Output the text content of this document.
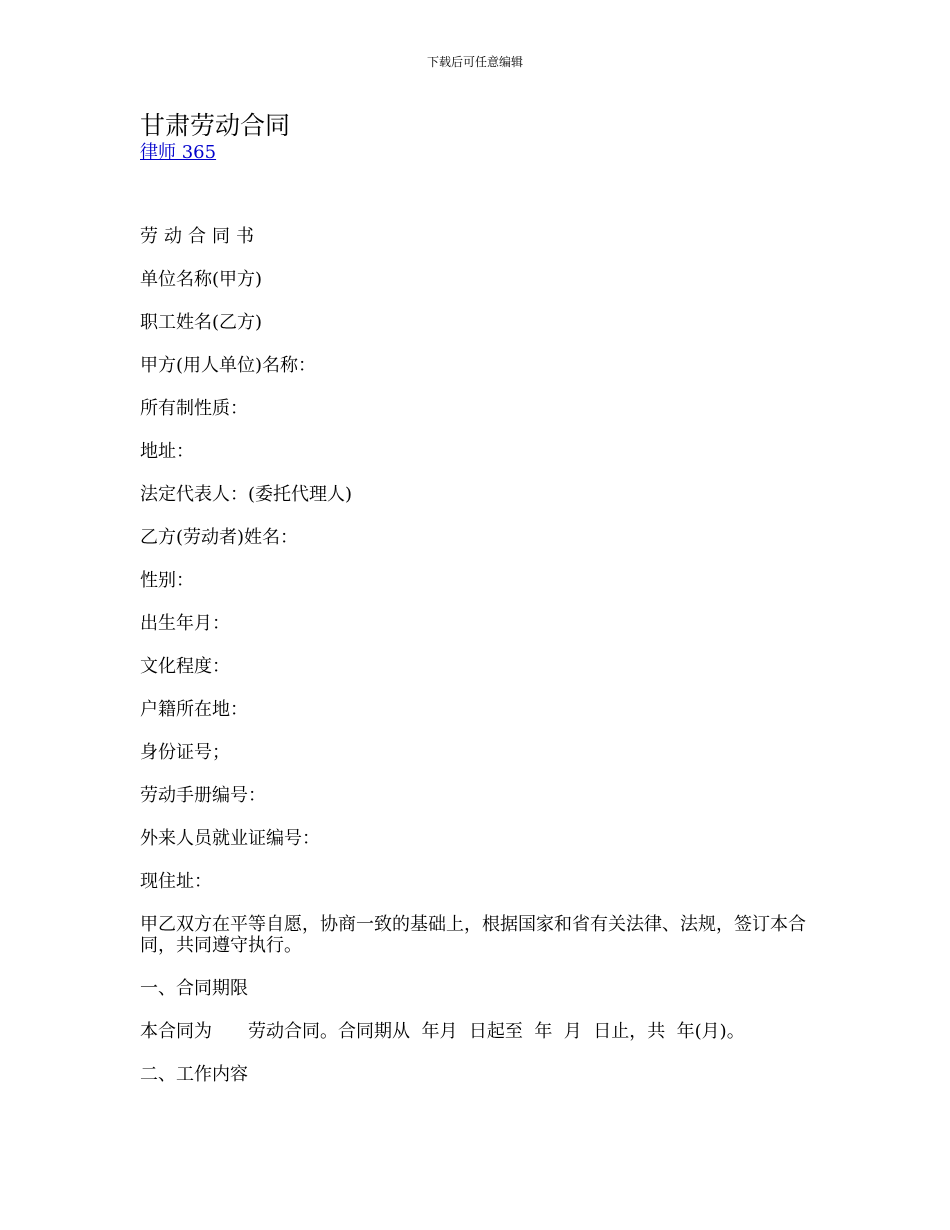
下载后可任意编辑
甘肃劳动合同
律师 365

劳动合同书

单位名称(甲方)

职工姓名(乙方)

甲方(用人单位)名称：

所有制性质：

地址：

法定代表人：(委托代理人)

乙方(劳动者)姓名：

性别：

出生年月：

文化程度：

户籍所在地：

身份证号；

劳动手册编号：

外来人员就业证编号：

现住址：

甲乙双方在平等自愿，协商一致的基础上，根据国家和省有关法律、法规，签订本合同，共同遵守执行。

一、合同期限

本合同为　　劳动合同。合同期从  年月  日起至  年  月  日止，共  年(月)。

二、工作内容
